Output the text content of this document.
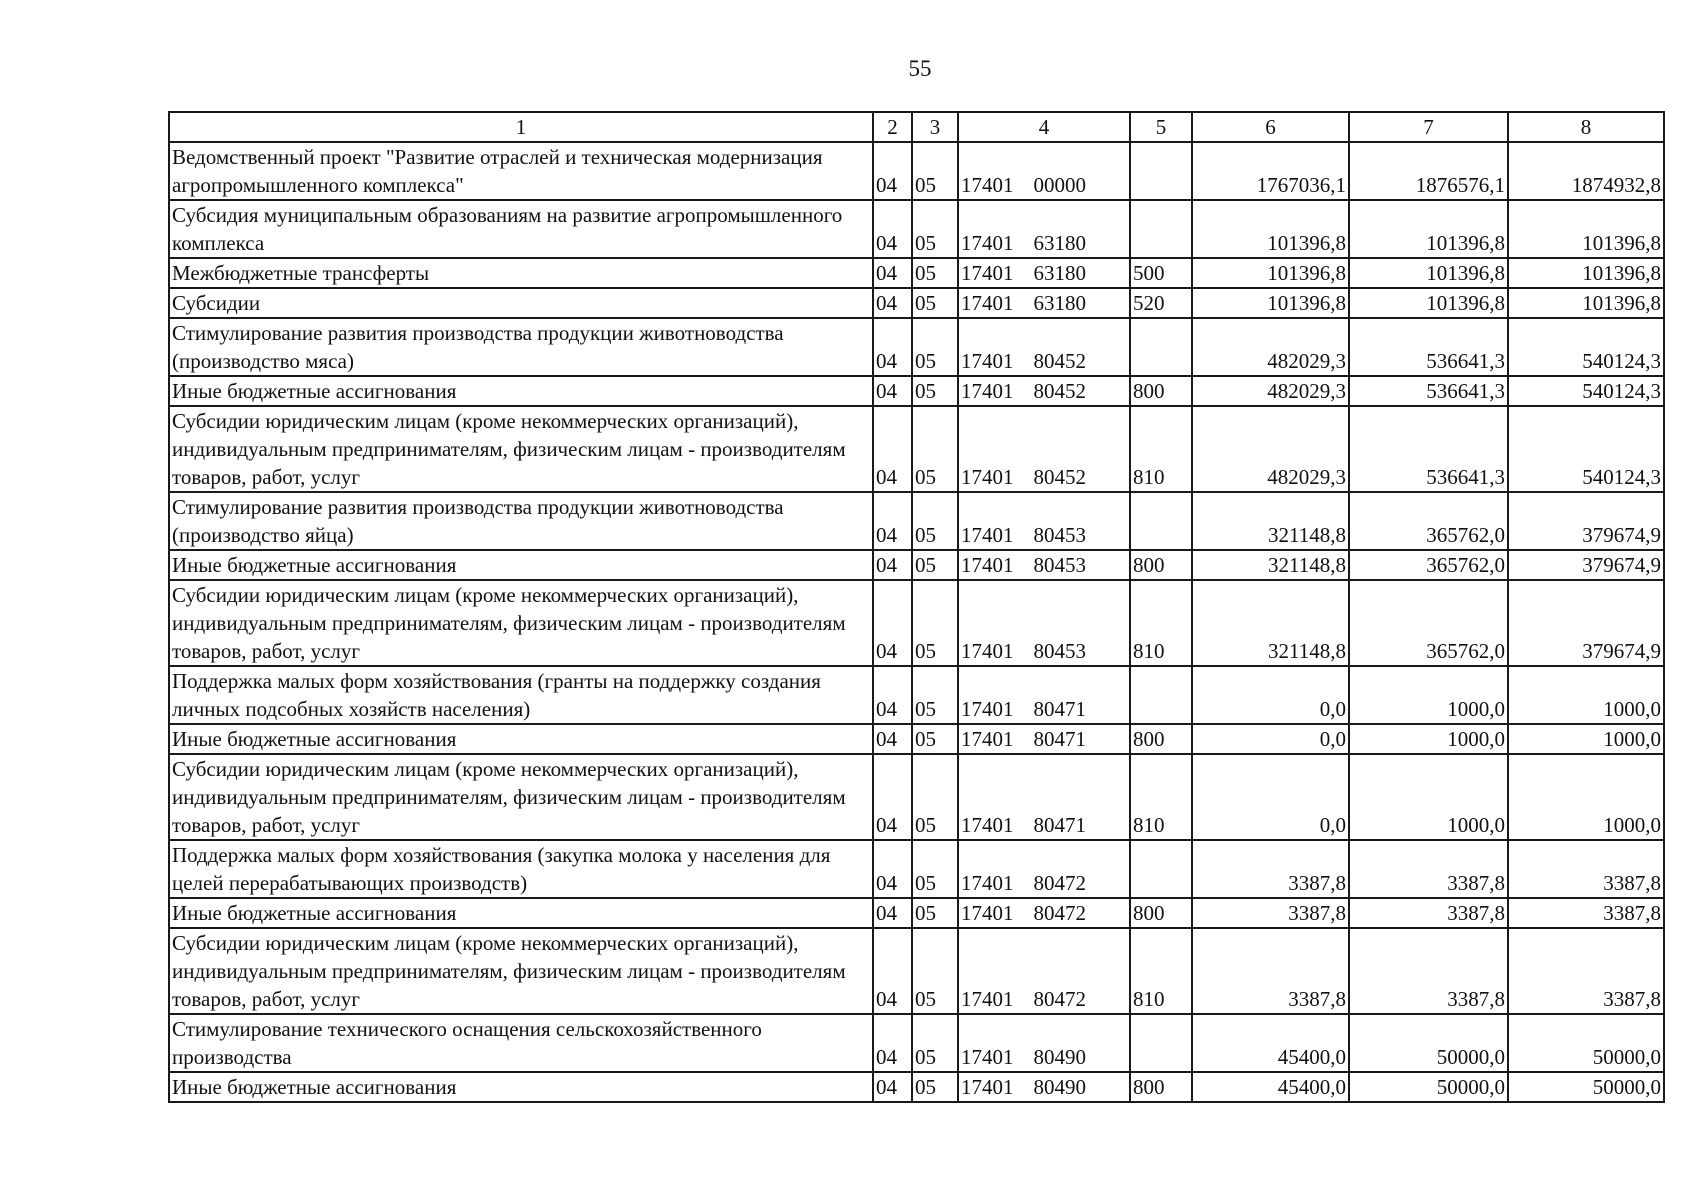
55
1	2	3	4	5	6	7	8
Ведомственный проект "Развитие отраслей и техническая модернизация агропромышленного комплекса"	04	05	17401 00000		1767036,1	1876576,1	1874932,8
Субсидия муниципальным образованиям на развитие агропромышленного комплекса	04	05	17401 63180		101396,8	101396,8	101396,8
Межбюджетные трансферты	04	05	17401 63180	500	101396,8	101396,8	101396,8
Субсидии	04	05	17401 63180	520	101396,8	101396,8	101396,8
Стимулирование развития производства продукции животноводства (производство мяса)	04	05	17401 80452		482029,3	536641,3	540124,3
Иные бюджетные ассигнования	04	05	17401 80452	800	482029,3	536641,3	540124,3
Субсидии юридическим лицам (кроме некоммерческих организаций), индивидуальным предпринимателям, физическим лицам - производителям товаров, работ, услуг	04	05	17401 80452	810	482029,3	536641,3	540124,3
Стимулирование развития производства продукции животноводства (производство яйца)	04	05	17401 80453		321148,8	365762,0	379674,9
Иные бюджетные ассигнования	04	05	17401 80453	800	321148,8	365762,0	379674,9
Субсидии юридическим лицам (кроме некоммерческих организаций), индивидуальным предпринимателям, физическим лицам - производителям товаров, работ, услуг	04	05	17401 80453	810	321148,8	365762,0	379674,9
Поддержка малых форм хозяйствования (гранты на поддержку создания личных подсобных хозяйств населения)	04	05	17401 80471		0,0	1000,0	1000,0
Иные бюджетные ассигнования	04	05	17401 80471	800	0,0	1000,0	1000,0
Субсидии юридическим лицам (кроме некоммерческих организаций), индивидуальным предпринимателям, физическим лицам - производителям товаров, работ, услуг	04	05	17401 80471	810	0,0	1000,0	1000,0
Поддержка малых форм хозяйствования (закупка молока у населения для целей перерабатывающих производств)	04	05	17401 80472		3387,8	3387,8	3387,8
Иные бюджетные ассигнования	04	05	17401 80472	800	3387,8	3387,8	3387,8
Субсидии юридическим лицам (кроме некоммерческих организаций), индивидуальным предпринимателям, физическим лицам - производителям товаров, работ, услуг	04	05	17401 80472	810	3387,8	3387,8	3387,8
Стимулирование технического оснащения сельскохозяйственного производства	04	05	17401 80490		45400,0	50000,0	50000,0
Иные бюджетные ассигнования	04	05	17401 80490	800	45400,0	50000,0	50000,0
